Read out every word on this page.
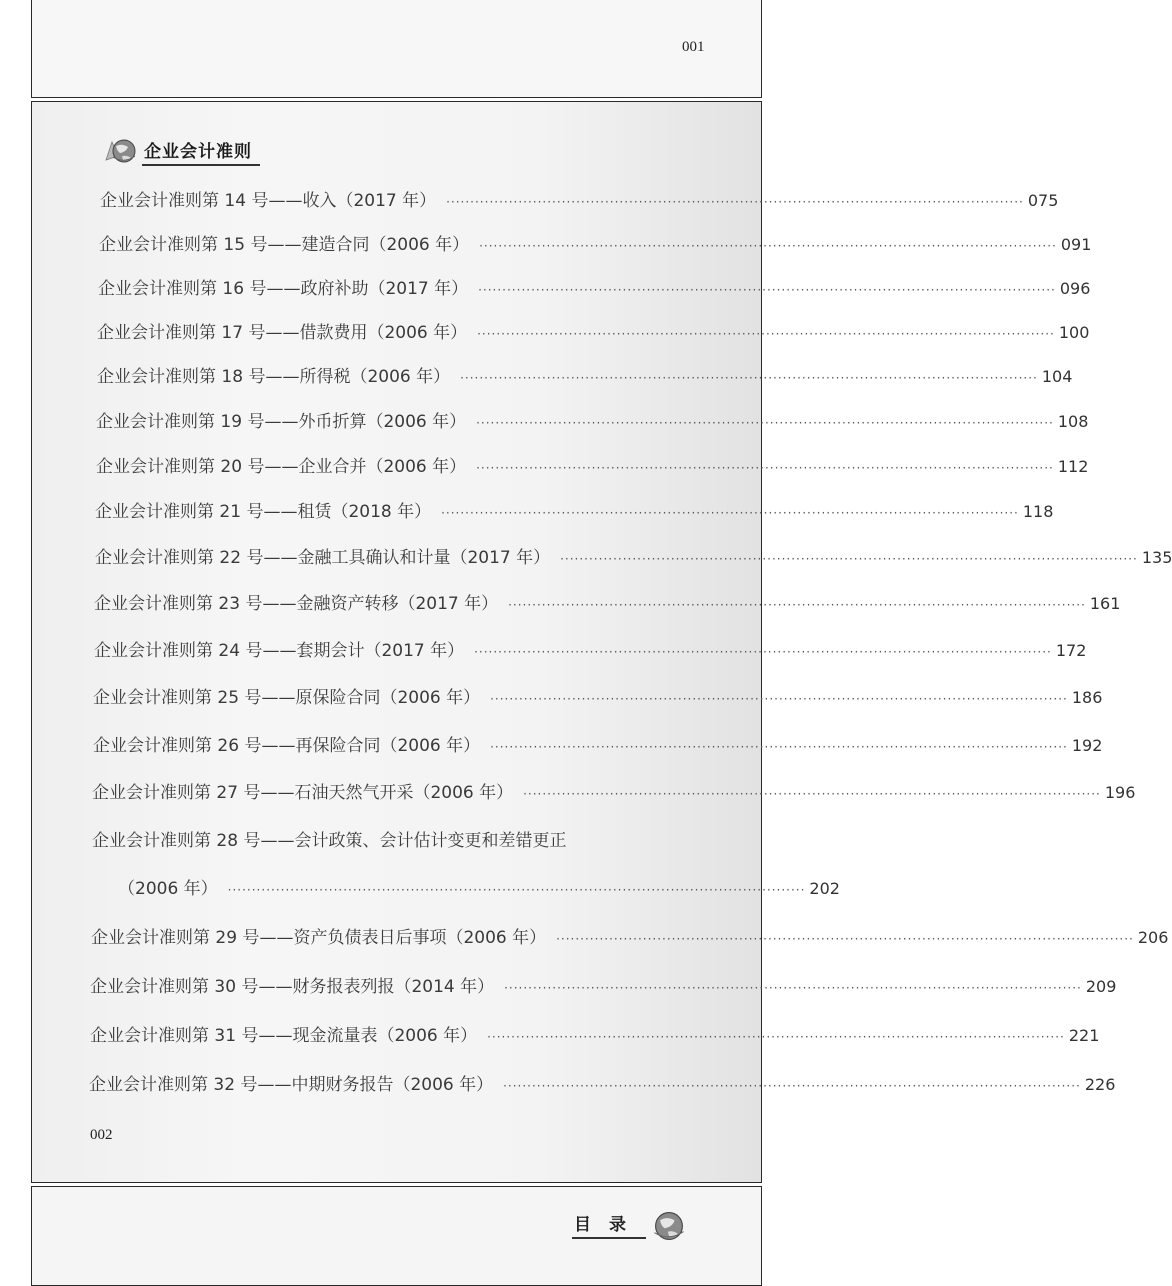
001
企业会计准则
企业会计准则第 14 号——收入（2017 年） ························································································································ 075
企业会计准则第 15 号——建造合同（2006 年） ························································································································ 091
企业会计准则第 16 号——政府补助（2017 年） ························································································································ 096
企业会计准则第 17 号——借款费用（2006 年） ························································································································ 100
企业会计准则第 18 号——所得税（2006 年） ························································································································ 104
企业会计准则第 19 号——外币折算（2006 年） ························································································································ 108
企业会计准则第 20 号——企业合并（2006 年） ························································································································ 112
企业会计准则第 21 号——租赁（2018 年） ························································································································ 118
企业会计准则第 22 号——金融工具确认和计量（2017 年） ························································································································ 135
企业会计准则第 23 号——金融资产转移（2017 年） ························································································································ 161
企业会计准则第 24 号——套期会计（2017 年） ························································································································ 172
企业会计准则第 25 号——原保险合同（2006 年） ························································································································ 186
企业会计准则第 26 号——再保险合同（2006 年） ························································································································ 192
企业会计准则第 27 号——石油天然气开采（2006 年） ························································································································ 196
企业会计准则第 28 号——会计政策、会计估计变更和差错更正
（2006 年） ························································································································ 202
企业会计准则第 29 号——资产负债表日后事项（2006 年） ························································································································ 206
企业会计准则第 30 号——财务报表列报（2014 年） ························································································································ 209
企业会计准则第 31 号——现金流量表（2006 年） ························································································································ 221
企业会计准则第 32 号——中期财务报告（2006 年） ························································································································ 226
002
目录
